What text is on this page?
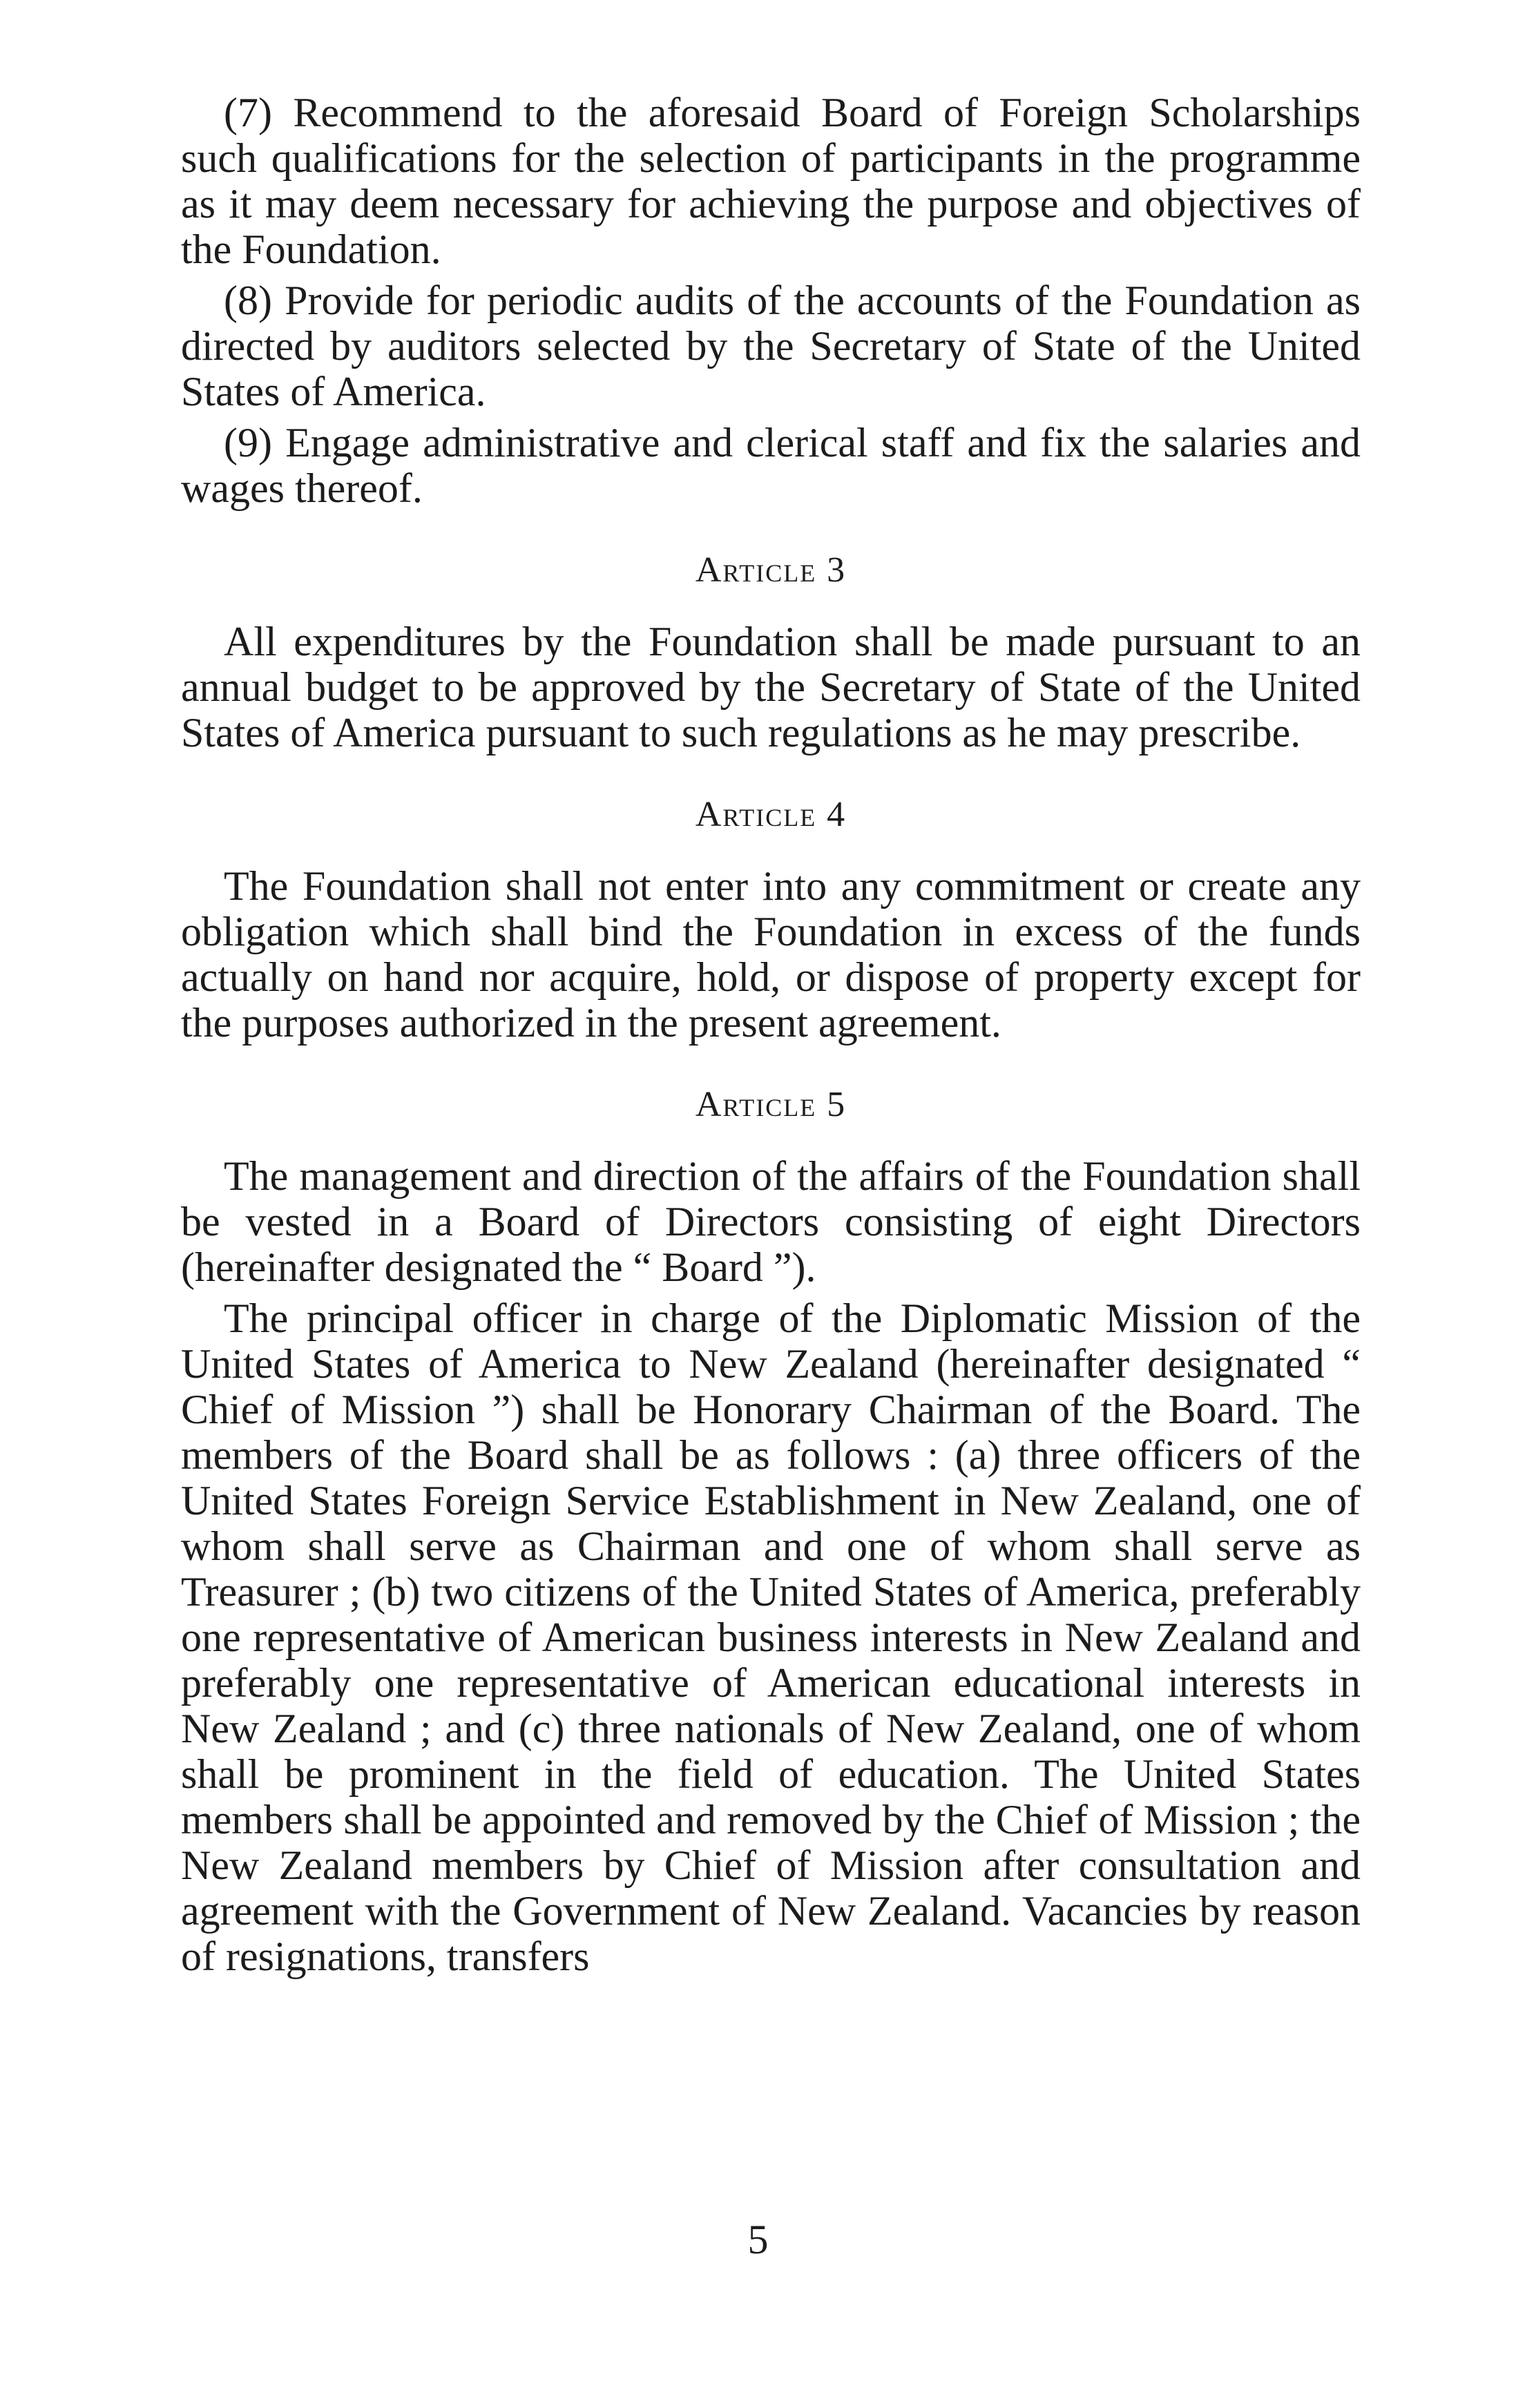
(7) Recommend to the aforesaid Board of Foreign Scholarships such qualifications for the selection of participants in the programme as it may deem necessary for achieving the purpose and objectives of the Foundation.

(8) Provide for periodic audits of the accounts of the Foundation as directed by auditors selected by the Secretary of State of the United States of America.

(9) Engage administrative and clerical staff and fix the salaries and wages thereof.

Article 3

All expenditures by the Foundation shall be made pursuant to an annual budget to be approved by the Secretary of State of the United States of America pursuant to such regulations as he may prescribe.

Article 4

The Foundation shall not enter into any commitment or create any obligation which shall bind the Foundation in excess of the funds actually on hand nor acquire, hold, or dispose of property except for the purposes authorized in the present agreement.

Article 5

The management and direction of the affairs of the Foundation shall be vested in a Board of Directors consisting of eight Directors (hereinafter designated the “ Board ”).

The principal officer in charge of the Diplomatic Mission of the United States of America to New Zealand (hereinafter designated “ Chief of Mission ”) shall be Honorary Chairman of the Board. The members of the Board shall be as follows : (a) three officers of the United States Foreign Service Establishment in New Zealand, one of whom shall serve as Chairman and one of whom shall serve as Treasurer ; (b) two citizens of the United States of America, preferably one representative of American business interests in New Zealand and preferably one representative of American educational interests in New Zealand ; and (c) three nationals of New Zealand, one of whom shall be prominent in the field of education. The United States members shall be appointed and removed by the Chief of Mission ; the New Zealand members by Chief of Mission after consultation and agreement with the Government of New Zealand. Vacancies by reason of resignations, transfers

5
